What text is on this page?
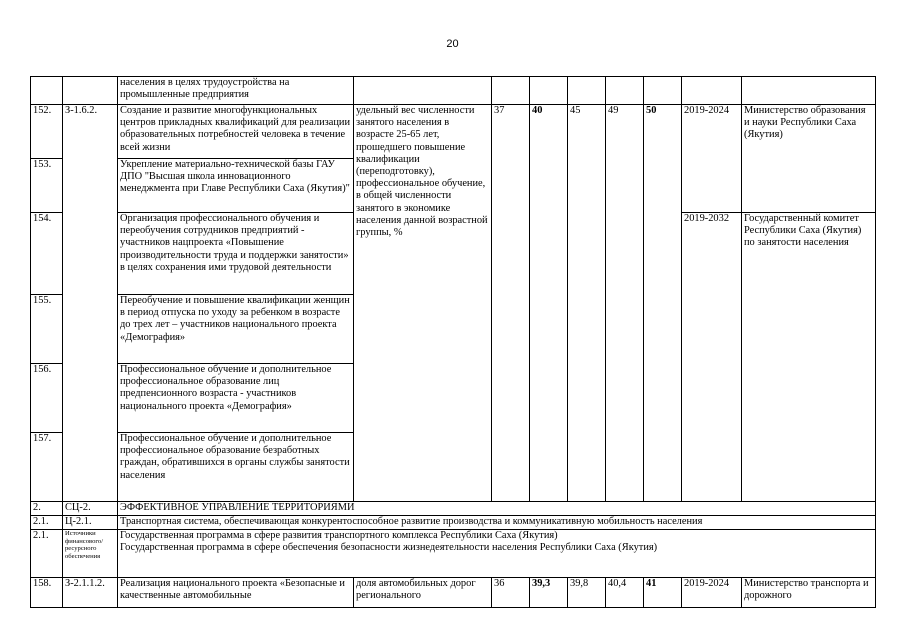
20
		населения в целях трудоустройства на промышленные предприятия								
152.	З-1.6.2.	Создание и развитие многофункциональных центров прикладных квалификаций для реализации образовательных потребностей человека в течение всей жизни	удельный вес численности занятого населения в возрасте 25-65 лет, прошедшего повышение квалификации (переподготовку), профессиональное обучение, в общей численности занятого в экономике населения данной возрастной группы, %	37	40	45	49	50	2019-2024	Министерство образования и науки Республики Саха (Якутия)
153.		Укрепление материально-технической базы ГАУ ДПО "Высшая школа инновационного менеджмента при Главе Республики Саха (Якутия)"								
154.		Организация профессионального обучения и переобучения сотрудников предприятий - участников нацпроекта «Повышение производительности труда и поддержки занятости» в целях сохранения ими трудовой деятельности							2019-2032	Государственный комитет Республики Саха (Якутия) по занятости населения
155.		Переобучение и повышение квалификации женщин в период отпуска по уходу за ребенком в возрасте до трех лет – участников национального проекта «Демография»								
156.		Профессиональное обучение и дополнительное профессиональное образование лиц предпенсионного возраста - участников национального проекта «Демография»								
157.		Профессиональное обучение и дополнительное профессиональное образование безработных граждан, обратившихся в органы службы занятости населения								
2.	СЦ-2.	ЭФФЕКТИВНОЕ УПРАВЛЕНИЕ ТЕРРИТОРИЯМИ								
2.1.	Ц-2.1.	Транспортная система, обеспечивающая конкурентоспособное развитие производства и коммуникативную мобильность населения								
2.1.	Источники финансового/ресурсного обеспечения	Государственная программа в сфере развития транспортного комплекса Республики Саха (Якутия)
Государственная программа в сфере обеспечения безопасности жизнедеятельности населения Республики Саха (Якутия)								

158.	З-2.1.1.2.	Реализация национального проекта «Безопасные и качественные автомобильные	доля автомобильных дорог регионального	36	39,3	39,8	40,4	41	2019-2024	Министерство транспорта и дорожного
